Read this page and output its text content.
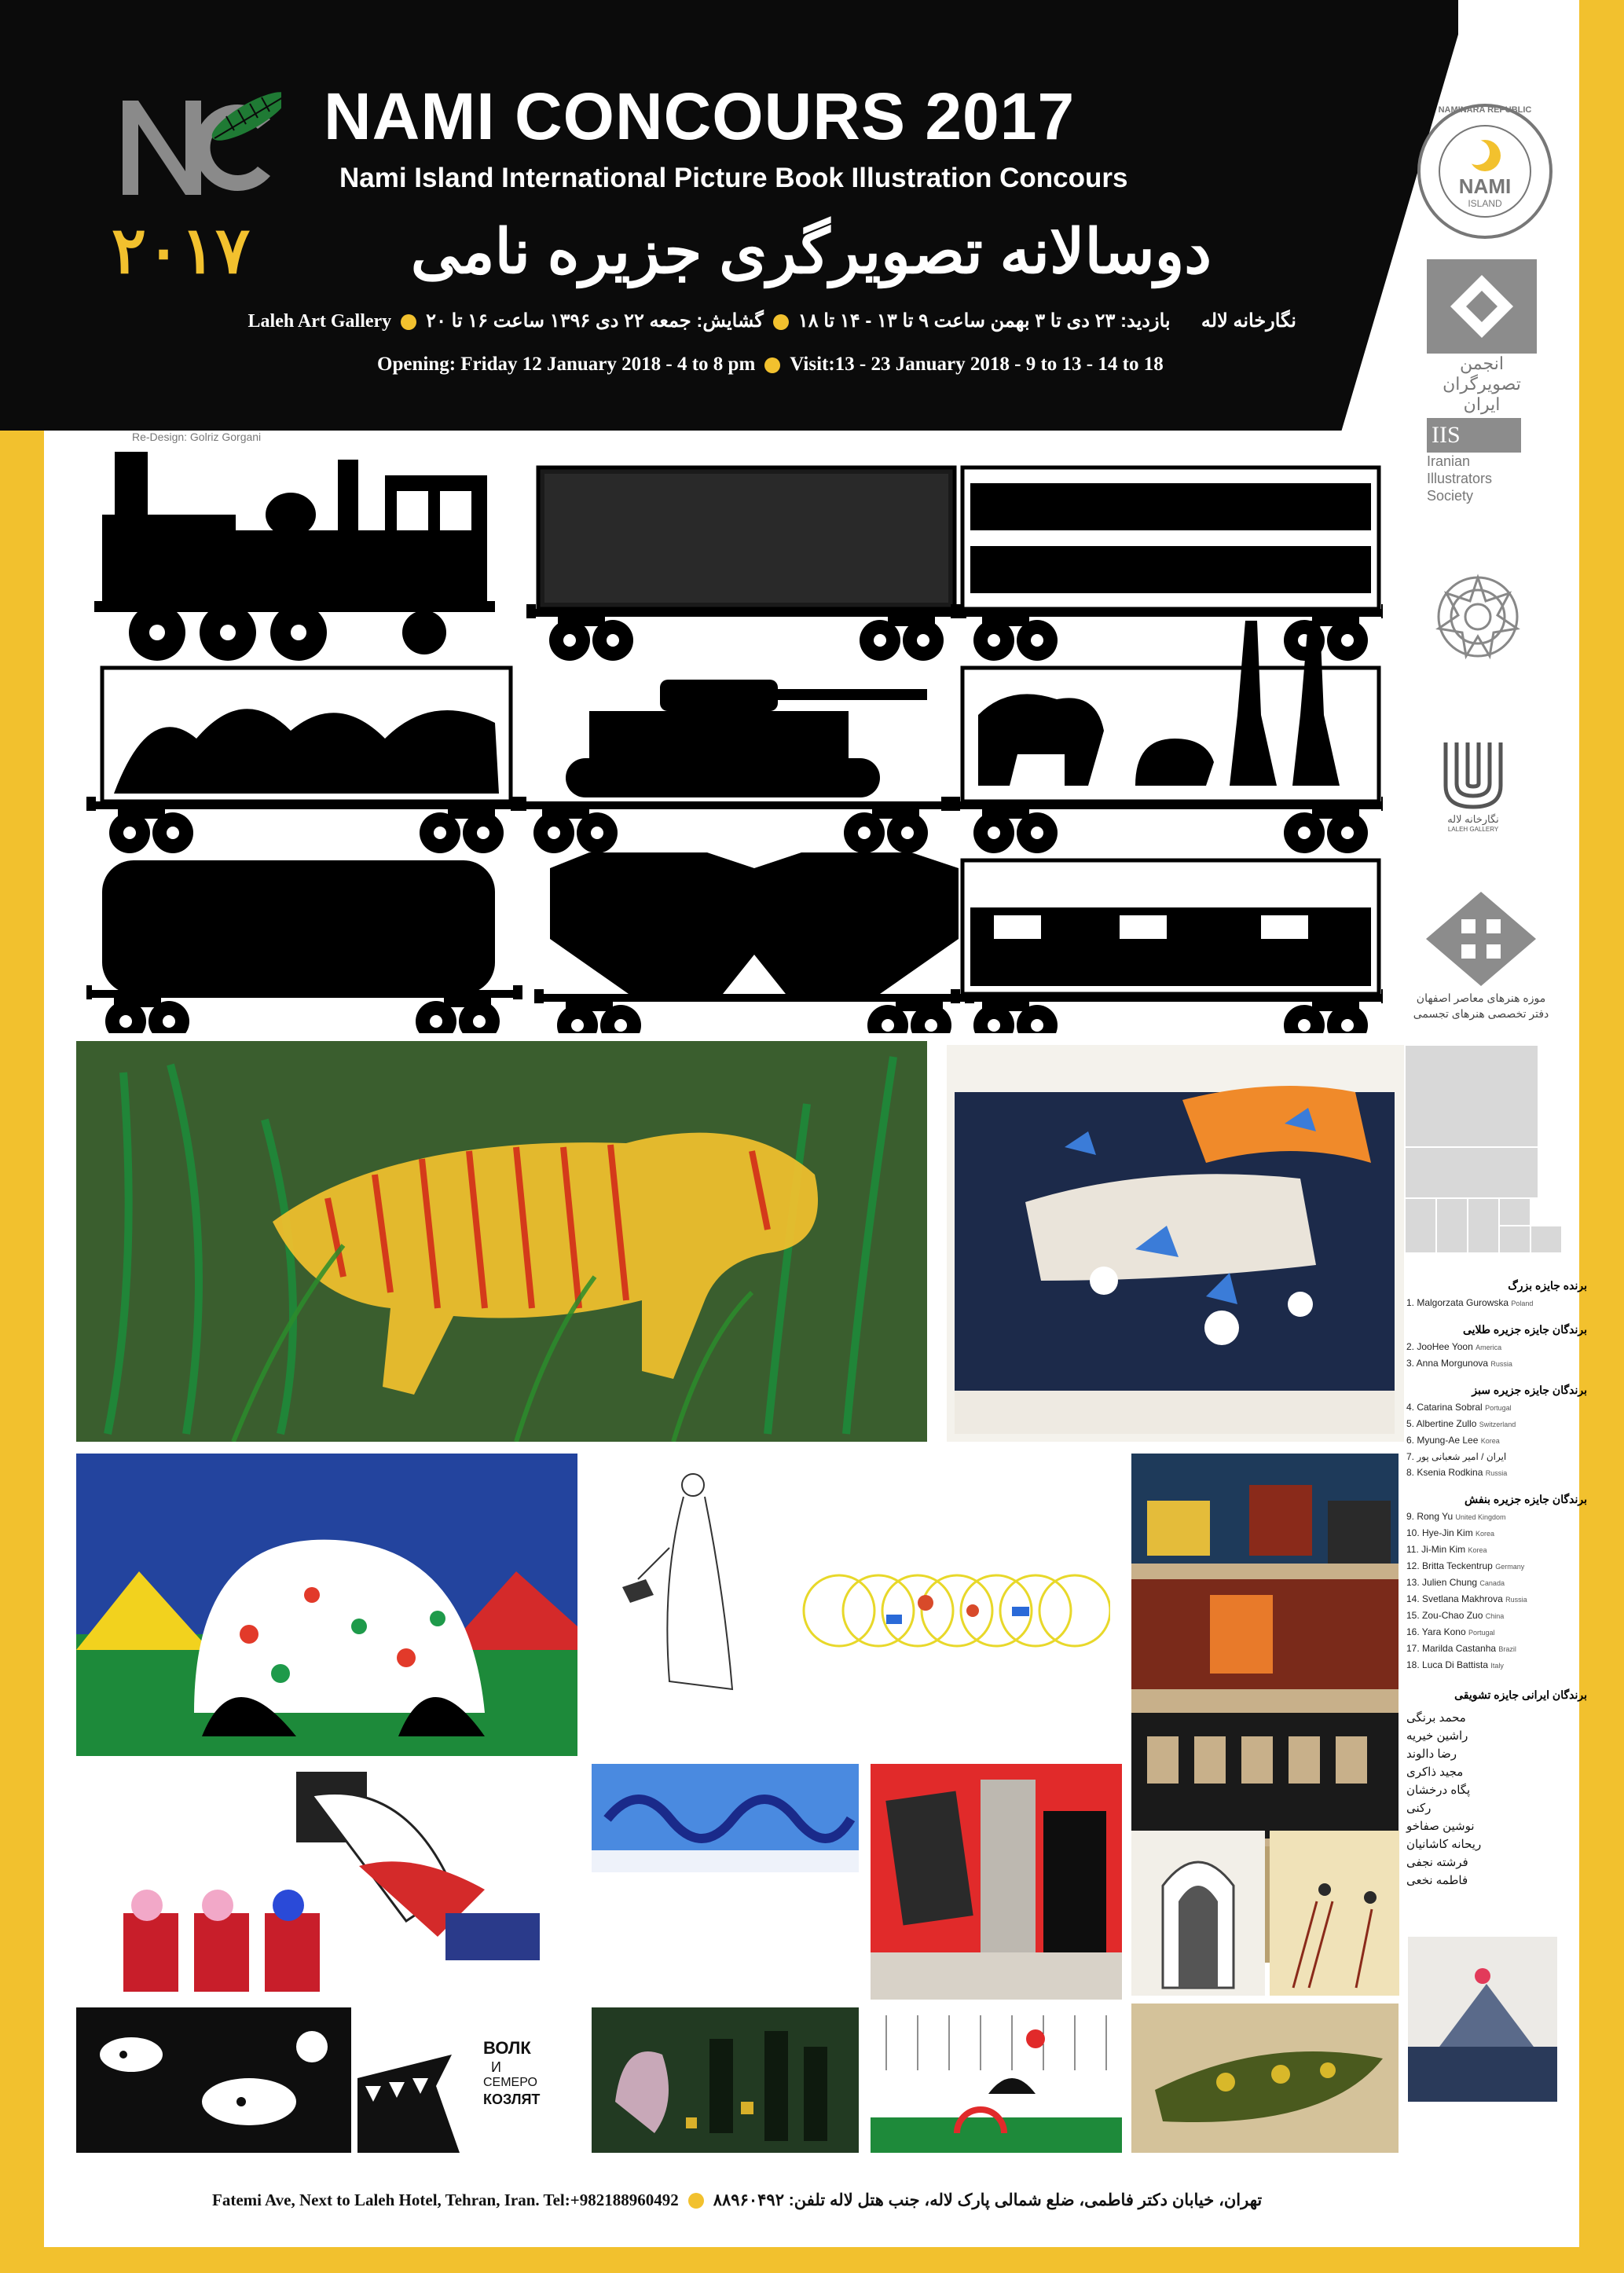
NAMI CONCOURS 2017
Nami Island International Picture Book Illustration Concours
دوسالانه تصویرگری جزیره نامی
۲۰۱۷
Laleh Art Gallery	نگارخانه لاله  بازدید: ۲۳ دی تا ۳ بهمن ساعت ۹ تا ۱۳ - ۱۴ تا ۱۸گشایش: جمعه ۲۲ دی ۱۳۹۶ ساعت ۱۶ تا ۲۰
Opening: Friday 12 January 2018 - 4 to 8 pm Visit:13 - 23 January 2018 - 9 to 13 - 14 to 18
Re-Design: Golriz Gorgani
NAMINARA REPUBLIC
NAMI
ISLAND
انجمن
تصویرگران
ایران
IIS
Iranian
Illustrators
Society
نگارخانه لاله
LALEH GALLERY
موزه هنرهای معاصر اصفهان
دفتر تخصصی هنرهای تجسمی
برنده جایزه بزرگ
1. Malgorzata Gurowska Poland
برندگان جایزه جزیره طلایی
2. JooHee Yoon America
3. Anna Morgunova Russia
برندگان جایزه جزیره سبز
4. Catarina Sobral Portugal
5. Albertine Zullo Switzerland
6. Myung-Ae Lee Korea
7. ایران / امیر شعبانی پور
8. Ksenia Rodkina Russia
برندگان جایزه جزیره بنفش
9. Rong Yu United Kingdom
10. Hye-Jin Kim Korea
11. Ji-Min Kim Korea
12. Britta Teckentrup Germany
13. Julien Chung Canada
14. Svetlana Makhrova Russia
15. Zou-Chao Zuo China
16. Yara Kono Portugal
17. Marilda Castanha Brazil
18. Luca Di Battista Italy
برندگان ایرانی جایزه تشویقی
محمد برنگی
راشین خیریه
رضا دالوند
مجید ذاکری
پگاه درخشان رکنی
نوشین صفاخو
ریحانه کاشانیان
فرشته نجفی
فاطمه نخعی
ВОЛК
И
СЕМЕРО
КОЗЛЯТ
Fatemi Ave, Next to Laleh Hotel, Tehran, Iran. Tel:+982188960492 تهران، خیابان دکتر فاطمی، ضلع شمالی پارک لاله، جنب هتل لاله تلفن: ۸۸۹۶۰۴۹۲
